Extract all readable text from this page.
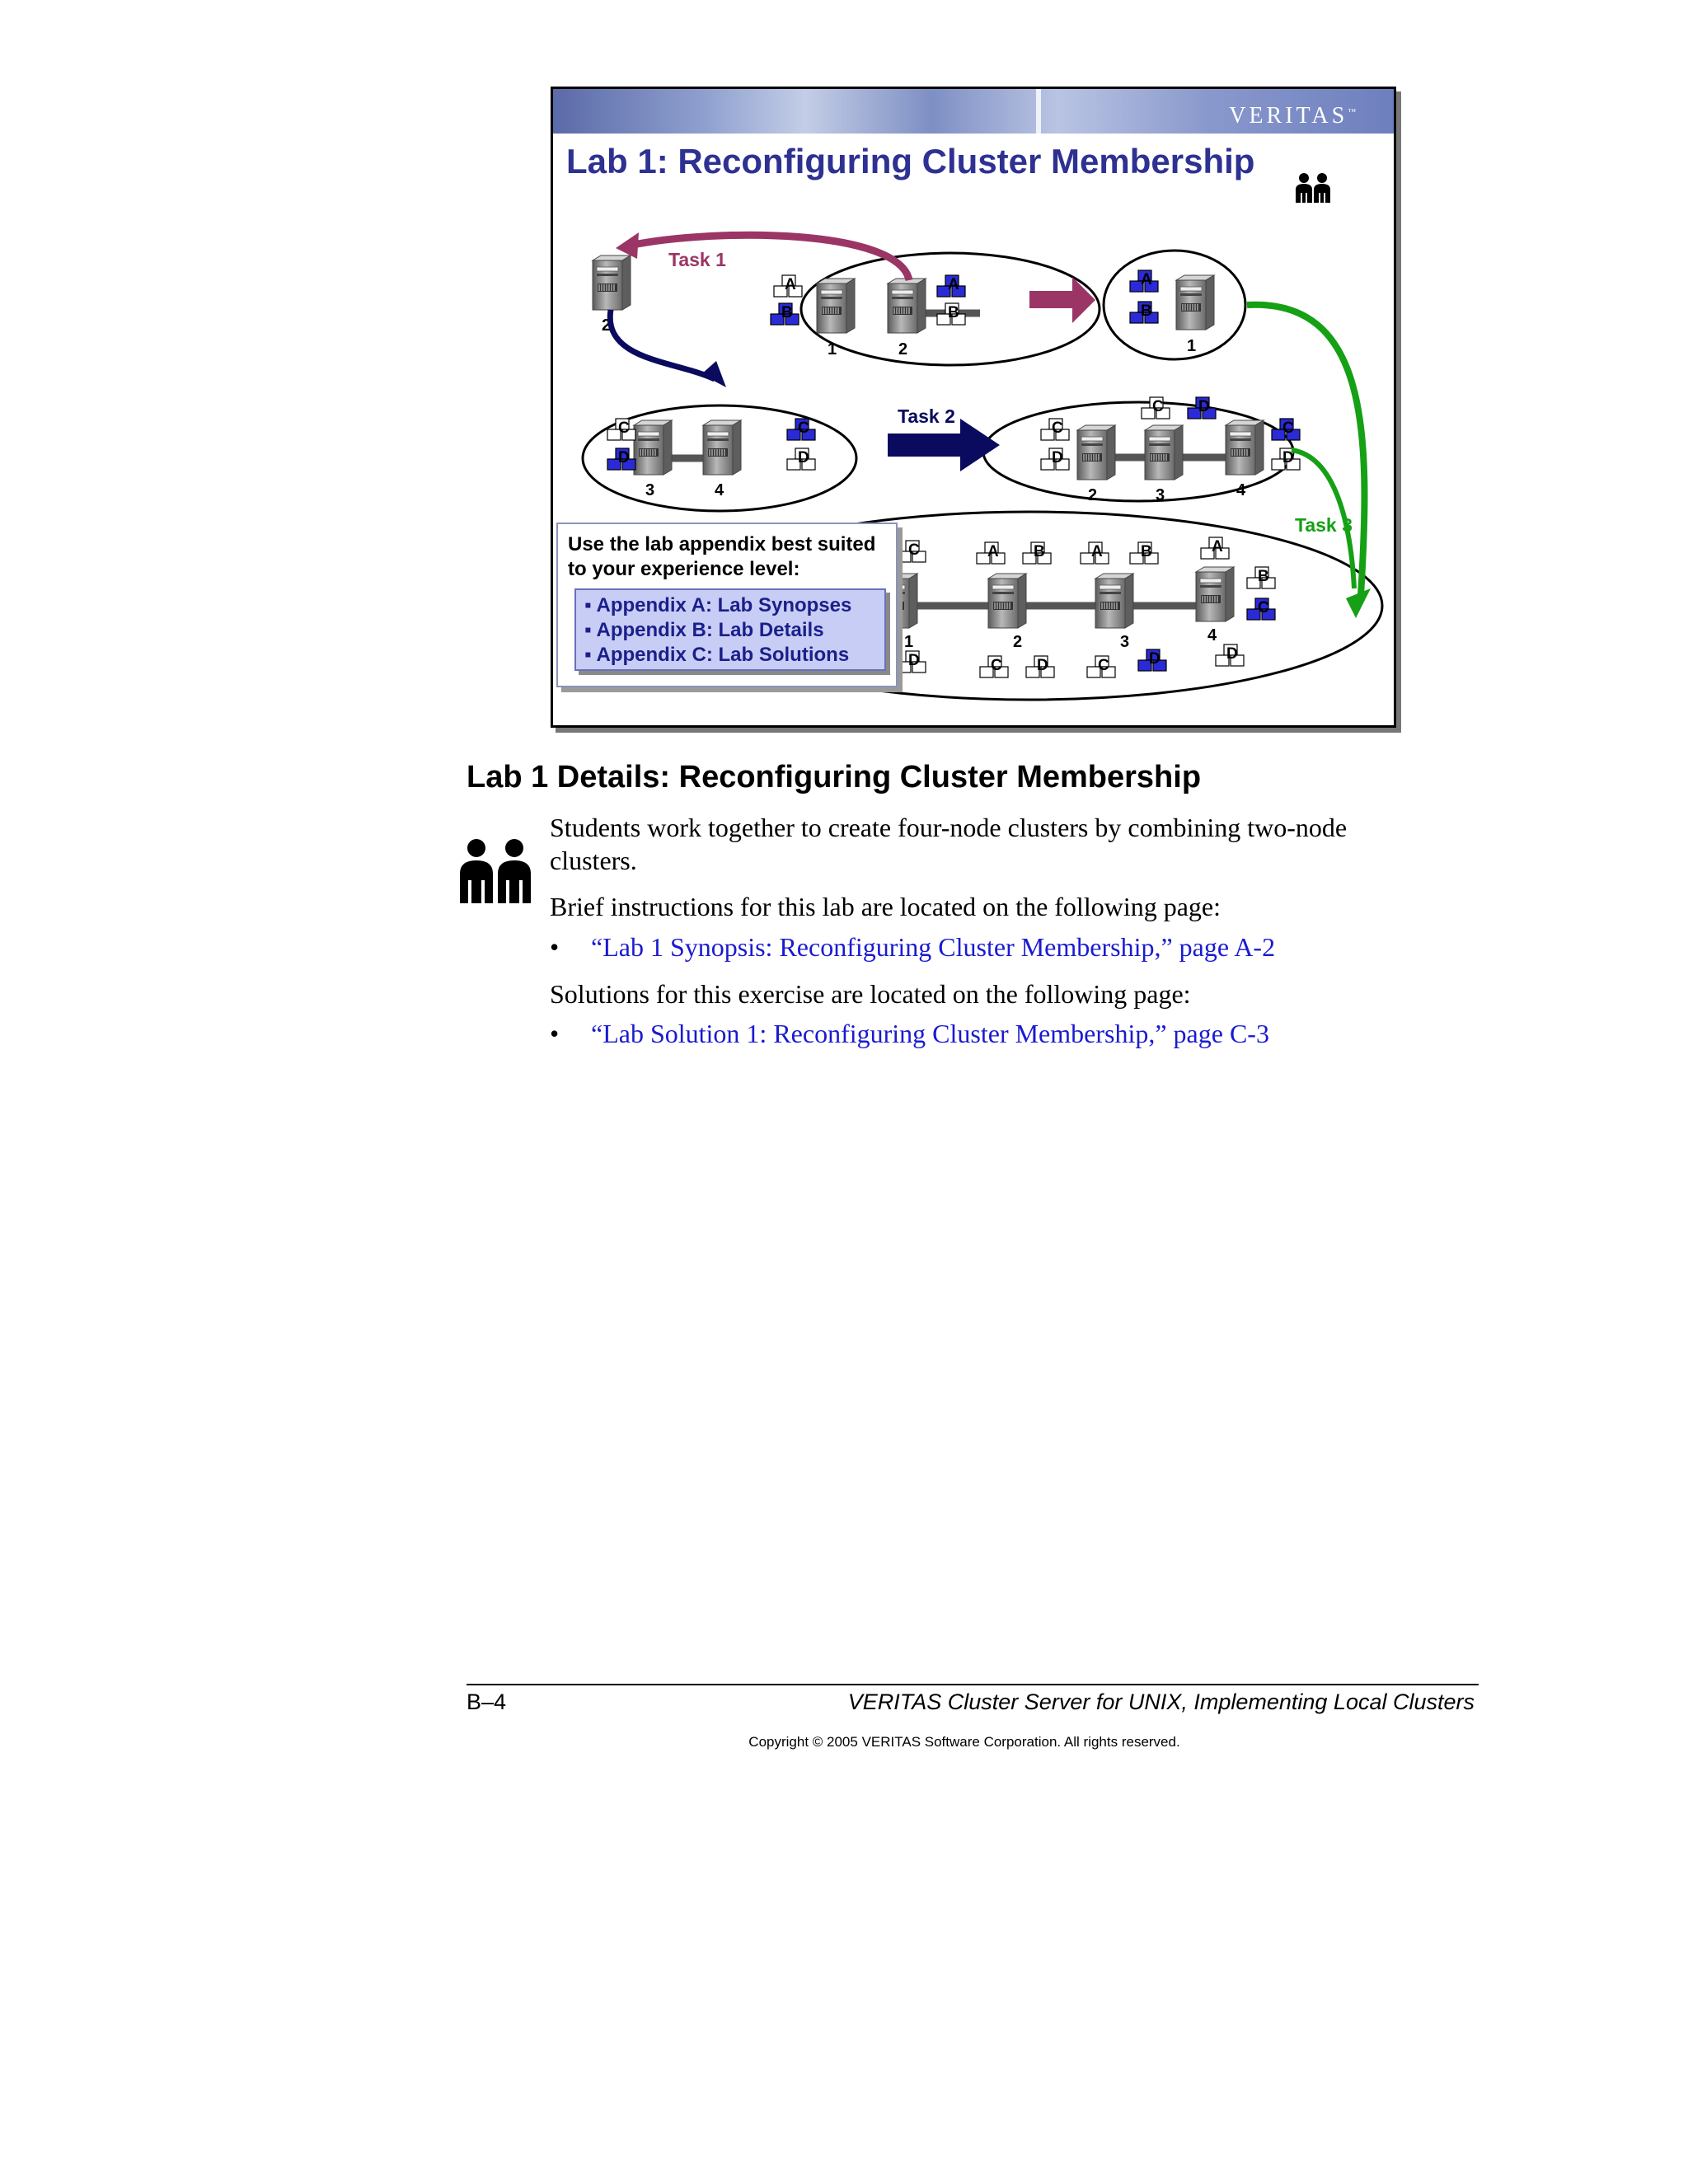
VERITAS™
Lab 1: Reconfiguring Cluster Membership
2
1	2	1
3	4	2	3	4
1	2	3	4
A
B
A
B
A
B
C
D
C
D
C
D
C D
C
D
C
D
A B	A B	A
B
C
C D	C	D	D
Task 1
Task 2
Task 3
Use the lab appendix best suited to your experience level:
▪ Appendix A: Lab Synopses
▪ Appendix B: Lab Details
▪ Appendix C: Lab Solutions
Lab 1 Details: Reconfiguring Cluster Membership

Students work together to create four-node clusters by combining two-node clusters.

Brief instructions for this lab are located on the following page:

• “Lab 1 Synopsis: Reconfiguring Cluster Membership,” page A-2

Solutions for this exercise are located on the following page:

• “Lab Solution 1: Reconfiguring Cluster Membership,” page C-3
B–4	VERITAS Cluster Server for UNIX, Implementing Local Clusters
Copyright © 2005 VERITAS Software Corporation. All rights reserved.
